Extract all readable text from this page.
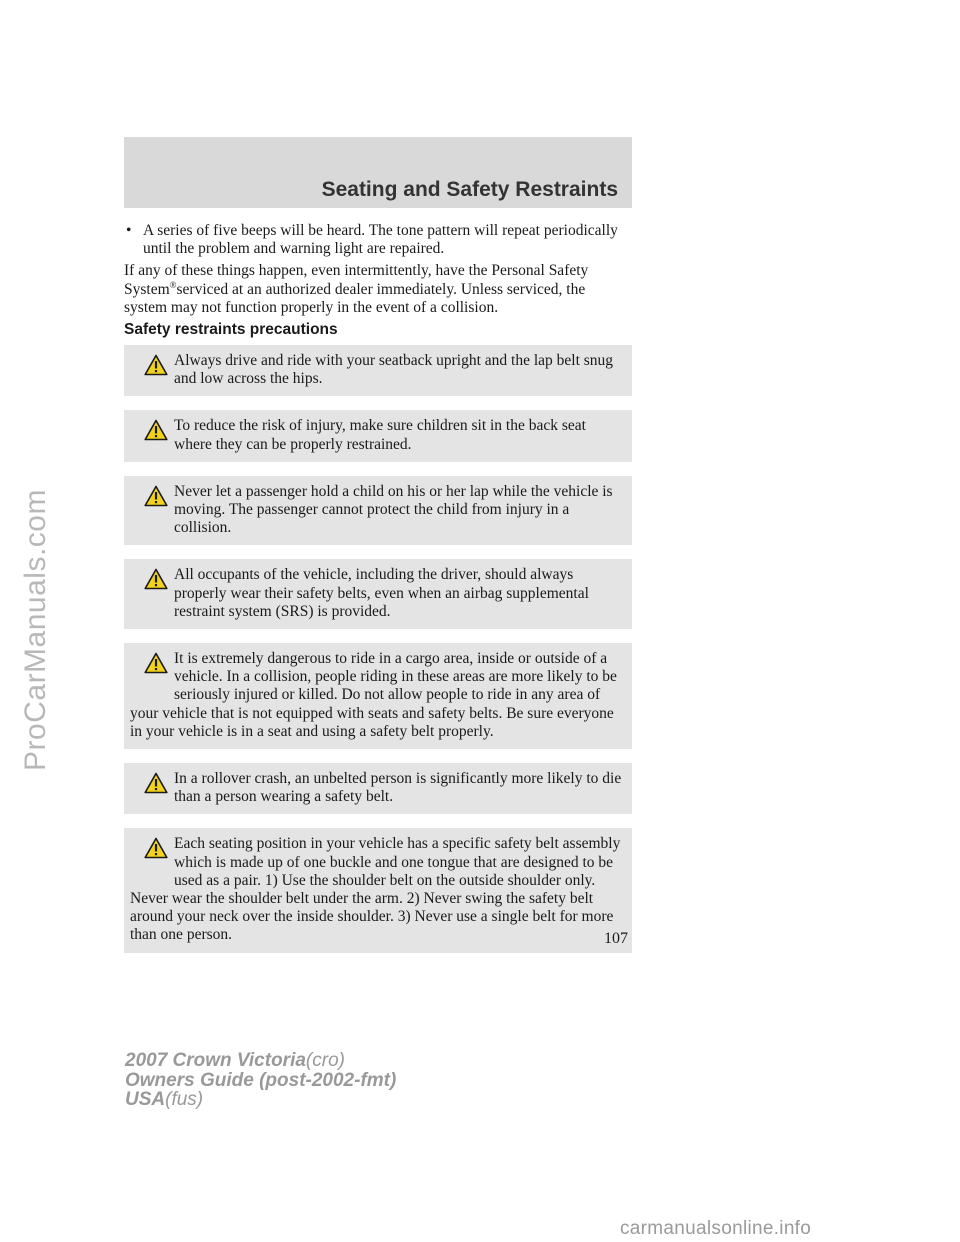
ProCarManuals.com
Seating and Safety Restraints
• A series of five beeps will be heard. The tone pattern will repeat periodically until the problem and warning light are repaired.

If any of these things happen, even intermittently, have the Personal Safety System®serviced at an authorized dealer immediately. Unless serviced, the system may not function properly in the event of a collision.

Safety restraints precautions

Always drive and ride with your seatback upright and the lap belt snug and low across the hips.

To reduce the risk of injury, make sure children sit in the back seat where they can be properly restrained.

Never let a passenger hold a child on his or her lap while the vehicle is moving. The passenger cannot protect the child from injury in a collision.

All occupants of the vehicle, including the driver, should always properly wear their safety belts, even when an airbag supplemental restraint system (SRS) is provided.

It is extremely dangerous to ride in a cargo area, inside or outside of a vehicle. In a collision, people riding in these areas are more likely to be seriously injured or killed. Do not allow people to ride in any area of your vehicle that is not equipped with seats and safety belts. Be sure everyone in your vehicle is in a seat and using a safety belt properly.

In a rollover crash, an unbelted person is significantly more likely to die than a person wearing a safety belt.

Each seating position in your vehicle has a specific safety belt assembly which is made up of one buckle and one tongue that are designed to be used as a pair. 1) Use the shoulder belt on the outside shoulder only. Never wear the shoulder belt under the arm. 2) Never swing the safety belt around your neck over the inside shoulder. 3) Never use a single belt for more than one person.	107
2007 Crown Victoria(cro)
Owners Guide (post-2002-fmt)
USA(fus)
carmanualsonline.info
